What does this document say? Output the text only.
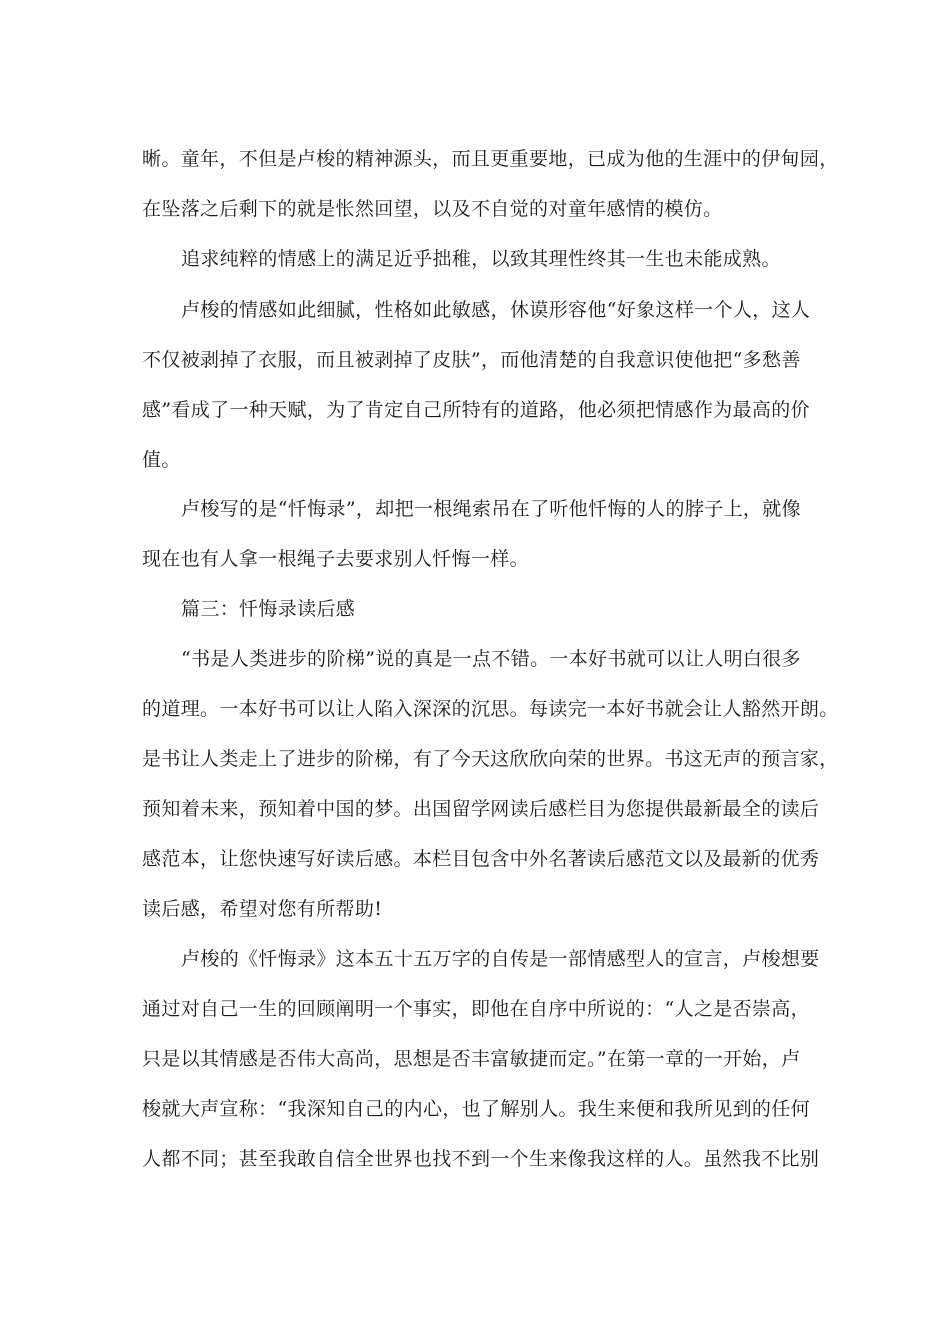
晰。童年，不但是卢梭的精神源头，而且更重要地，已成为他的生涯中的伊甸园，
在坠落之后剩下的就是怅然回望，以及不自觉的对童年感情的模仿。
追求纯粹的情感上的满足近乎拙稚，以致其理性终其一生也未能成熟。
卢梭的情感如此细腻，性格如此敏感，休谟形容他“好象这样一个人，这人
不仅被剥掉了衣服，而且被剥掉了皮肤”，而他清楚的自我意识使他把“多愁善
感”看成了一种天赋，为了肯定自己所特有的道路，他必须把情感作为最高的价
值。
卢梭写的是“忏悔录”，却把一根绳索吊在了听他忏悔的人的脖子上，就像
现在也有人拿一根绳子去要求别人忏悔一样。
篇三：忏悔录读后感
“书是人类进步的阶梯”说的真是一点不错。一本好书就可以让人明白很多
的道理。一本好书可以让人陷入深深的沉思。每读完一本好书就会让人豁然开朗。
是书让人类走上了进步的阶梯，有了今天这欣欣向荣的世界。书这无声的预言家，
预知着未来，预知着中国的梦。出国留学网读后感栏目为您提供最新最全的读后
感范本，让您快速写好读后感。本栏目包含中外名著读后感范文以及最新的优秀
读后感，希望对您有所帮助!
卢梭的《忏悔录》这本五十五万字的自传是一部情感型人的宣言，卢梭想要
通过对自己一生的回顾阐明一个事实，即他在自序中所说的：“人之是否崇高，
只是以其情感是否伟大高尚，思想是否丰富敏捷而定。”在第一章的一开始，卢
梭就大声宣称：“我深知自己的内心，也了解别人。我生来便和我所见到的任何
人都不同；甚至我敢自信全世界也找不到一个生来像我这样的人。虽然我不比别
